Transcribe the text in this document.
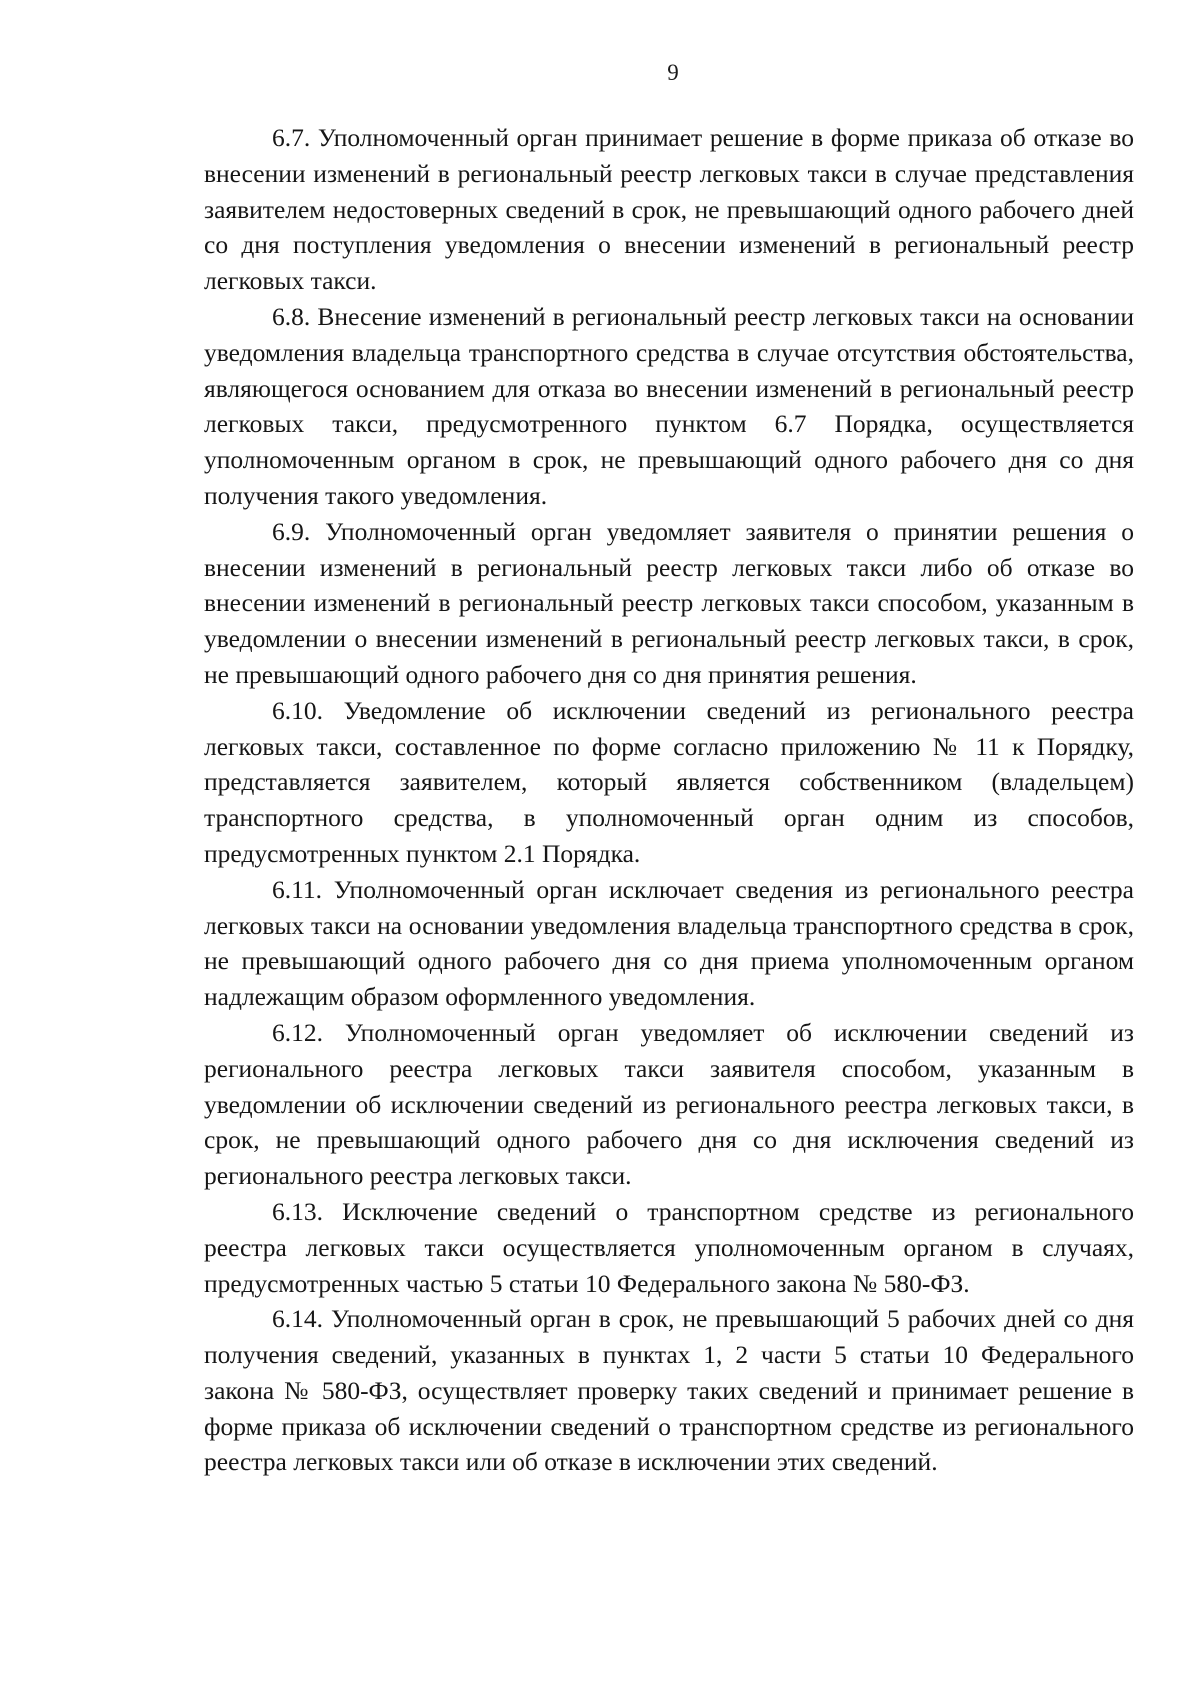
9

6.7. Уполномоченный орган принимает решение в форме приказа об отказе во внесении изменений в региональный реестр легковых такси в случае представления заявителем недостоверных сведений в срок, не превышающий одного рабочего дней со дня поступления уведомления о внесении изменений в региональный реестр легковых такси.

6.8. Внесение изменений в региональный реестр легковых такси на основании уведомления владельца транспортного средства в случае отсутствия обстоятельства, являющегося основанием для отказа во внесении изменений в региональный реестр легковых такси, предусмотренного пунктом 6.7 Порядка, осуществляется уполномоченным органом в срок, не превышающий одного рабочего дня со дня получения такого уведомления.

6.9. Уполномоченный орган уведомляет заявителя о принятии решения о внесении изменений в региональный реестр легковых такси либо об отказе во внесении изменений в региональный реестр легковых такси способом, указанным в уведомлении о внесении изменений в региональный реестр легковых такси, в срок, не превышающий одного рабочего дня со дня принятия решения.

6.10. Уведомление об исключении сведений из регионального реестра легковых такси, составленное по форме согласно приложению № 11 к Порядку, представляется заявителем, который является собственником (владельцем) транспортного средства, в уполномоченный орган одним из способов, предусмотренных пунктом 2.1 Порядка.

6.11. Уполномоченный орган исключает сведения из регионального реестра легковых такси на основании уведомления владельца транспортного средства в срок, не превышающий одного рабочего дня со дня приема уполномоченным органом надлежащим образом оформленного уведомления.

6.12. Уполномоченный орган уведомляет об исключении сведений из регионального реестра легковых такси заявителя способом, указанным в уведомлении об исключении сведений из регионального реестра легковых такси, в срок, не превышающий одного рабочего дня со дня исключения сведений из регионального реестра легковых такси.

6.13. Исключение сведений о транспортном средстве из регионального реестра легковых такси осуществляется уполномоченным органом в случаях, предусмотренных частью 5 статьи 10 Федерального закона № 580-ФЗ.

6.14. Уполномоченный орган в срок, не превышающий 5 рабочих дней со дня получения сведений, указанных в пунктах 1, 2 части 5 статьи 10 Федерального закона № 580-ФЗ, осуществляет проверку таких сведений и принимает решение в форме приказа об исключении сведений о транспортном средстве из регионального реестра легковых такси или об отказе в исключении этих сведений.
